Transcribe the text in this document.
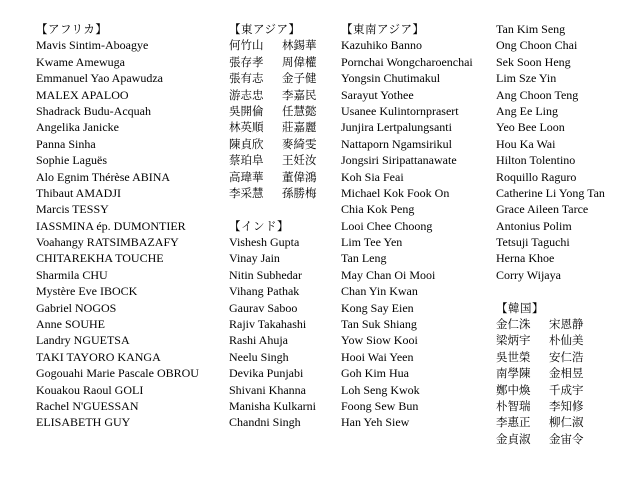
【アフリカ】
Mavis Sintim-Aboagye
Kwame Amewuga
Emmanuel Yao Apawudza
MALEX APALOO
Shadrack Budu-Acquah
Angelika Janicke
Panna Sinha
Sophie Laguës
Alo Egnim Thérèse ABINA
Thibaut AMADJI
Marcis TESSY
IASSMINA ép. DUMONTIER
Voahangy RATSIMBAZAFY
CHITAREKHA TOUCHE
Sharmila CHU
Mystère Eve IBOCK
Gabriel NOGOS
Anne SOUHE
Landry NGUETSA
TAKI TAYORO KANGA
Gogouahi Marie Pascale OBROU
Kouakou Raoul GOLI
Rachel N'GUESSAN
ELISABETH GUY
【東アジア】
何竹山	林錫華
張存孝	周偉權
張有志	金子健
游志忠	李嘉民
吳開倫	任慧懿
林英順	莊嘉麗
陳貞欣	麥綺雯
蔡珀阜	王妊汝
高瑋華	董偉鴻
李采慧	孫勝梅
【インド】
Vishesh Gupta
Vinay Jain
Nitin Subhedar
Vihang Pathak
Gaurav Saboo
Rajiv Takahashi
Rashi Ahuja
Neelu Singh
Devika Punjabi
Shivani Khanna
Manisha Kulkarni
Chandni Singh
【東南アジア】
Kazuhiko Banno
Pornchai Wongcharoenchai
Yongsin Chutimakul
Sarayut Yothee
Usanee Kulintornprasert
Junjira Lertpalungsanti
Nattaporn Ngamsirikul
Jongsiri Siripattanawate
Koh Sia Feai
Michael Kok Fook On
Chia Kok Peng
Looi Chee Choong
Lim Tee Yen
Tan Leng
May Chan Oi Mooi
Chan Yin Kwan
Kong Say Eien
Tan Suk Shiang
Yow Siow Kooi
Hooi Wai Yeen
Goh Kim Hua
Loh Seng Kwok
Foong Sew Bun
Han Yeh Siew
Tan Kim Seng
Ong Choon Chai
Sek Soon Heng
Lim Sze Yin
Ang Choon Teng
Ang Ee Ling
Yeo Bee Loon
Hou Ka Wai
Hilton Tolentino
Roquillo Raguro
Catherine Li Yong Tan
Grace Aileen Tarce
Antonius Polim
Tetsuji Taguchi
Herna Khoe
Corry Wijaya
【韓国】
金仁洙	宋恩静
梁炳宇	朴仙美
吳世榮	安仁浩
南學陳	金相昱
鄭中煥	千成宇
朴智瑞	李知修
李惠正	柳仁淑
金貞淑	金宙令
